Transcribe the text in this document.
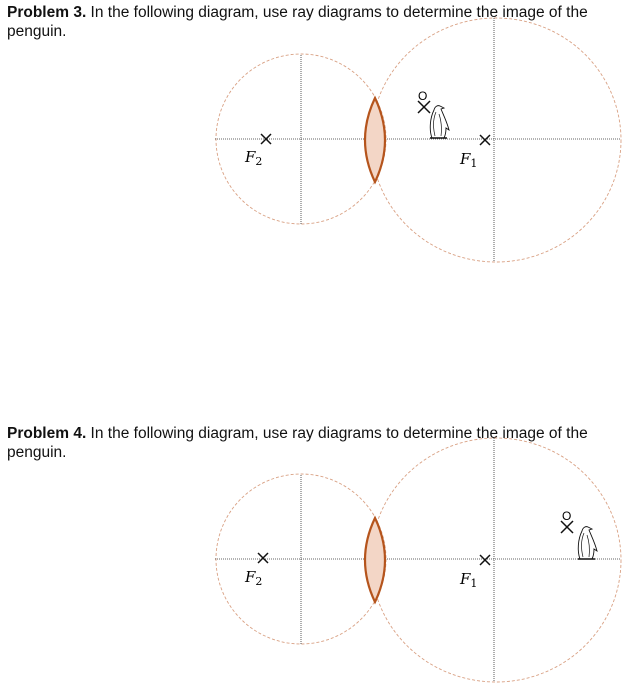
Problem 3. In the following diagram, use ray diagrams to determine the image of the penguin.
Problem 4. In the following diagram, use ray diagrams to determine the image of the penguin.
$F_2$	$F_1$
O
$F_2$	$F_1$
O
